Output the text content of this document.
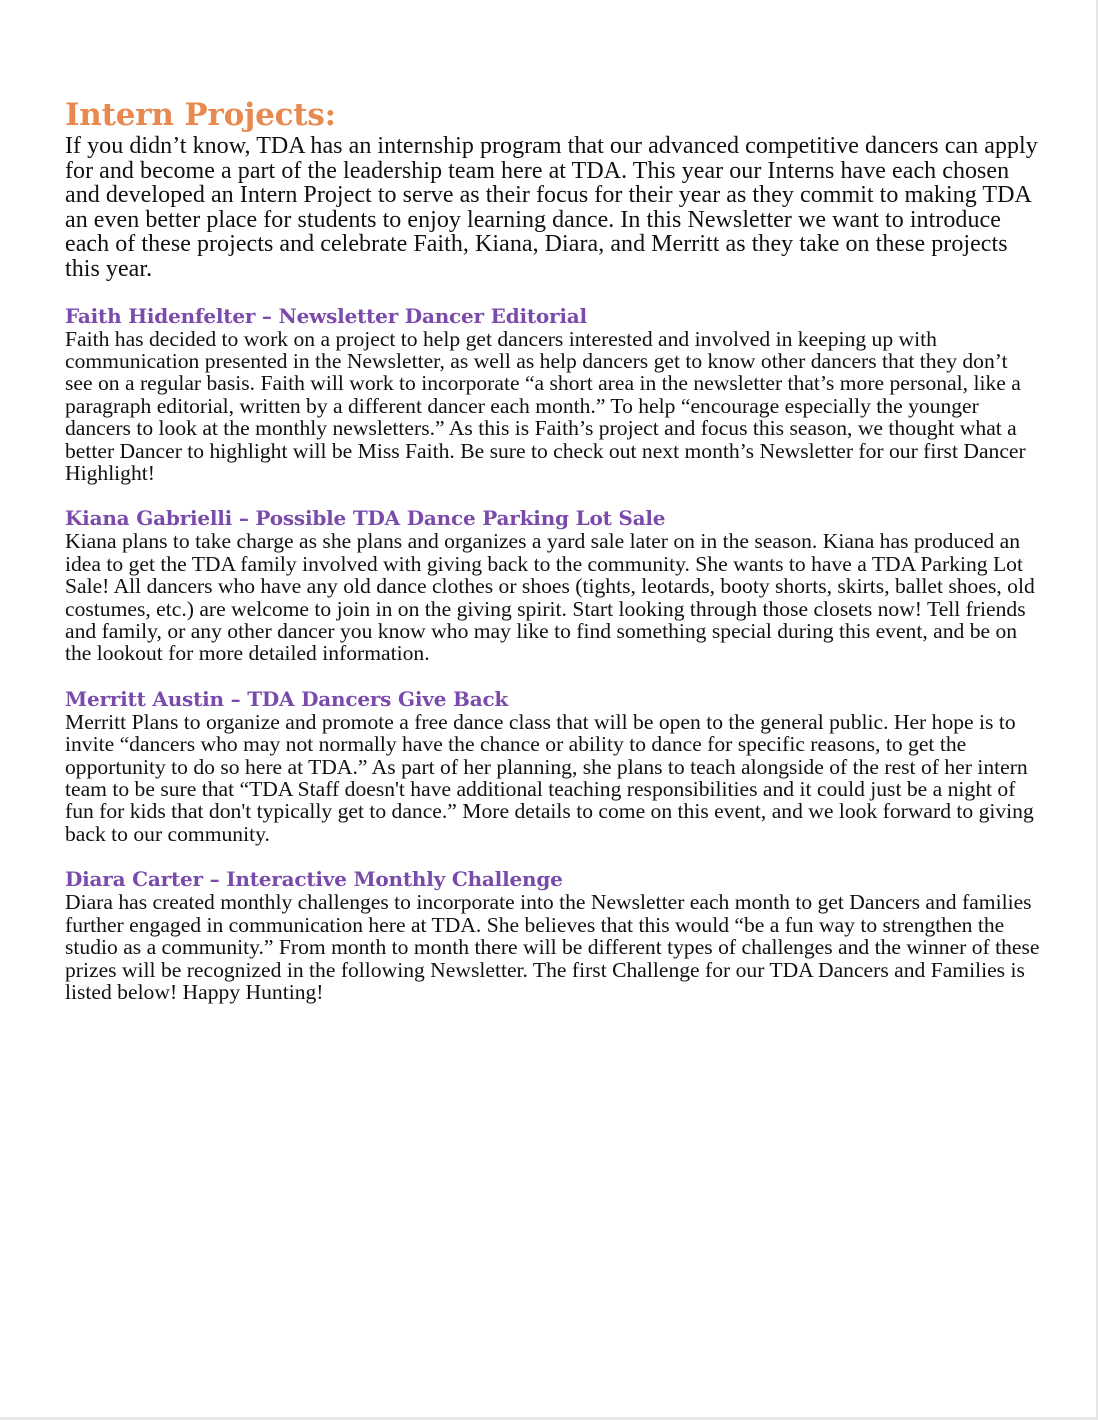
Intern Projects:

If you didn’t know, TDA has an internship program that our advanced competitive dancers can apply for and become a part of the leadership team here at TDA. This year our Interns have each chosen and developed an Intern Project to serve as their focus for their year as they commit to making TDA an even better place for students to enjoy learning dance. In this Newsletter we want to introduce each of these projects and celebrate Faith, Kiana, Diara, and Merritt as they take on these projects this year.

Faith Hidenfelter – Newsletter Dancer Editorial

Faith has decided to work on a project to help get dancers interested and involved in keeping up with communication presented in the Newsletter, as well as help dancers get to know other dancers that they don’t see on a regular basis. Faith will work to incorporate “a short area in the newsletter that’s more personal, like a paragraph editorial, written by a different dancer each month.” To help “encourage especially the younger dancers to look at the monthly newsletters.” As this is Faith’s project and focus this season, we thought what a better Dancer to highlight will be Miss Faith. Be sure to check out next month’s Newsletter for our first Dancer Highlight!

Kiana Gabrielli – Possible TDA Dance Parking Lot Sale

Kiana plans to take charge as she plans and organizes a yard sale later on in the season. Kiana has produced an idea to get the TDA family involved with giving back to the community. She wants to have a TDA Parking Lot Sale! All dancers who have any old dance clothes or shoes (tights, leotards, booty shorts, skirts, ballet shoes, old costumes, etc.) are welcome to join in on the giving spirit. Start looking through those closets now! Tell friends and family, or any other dancer you know who may like to find something special during this event, and be on the lookout for more detailed information.

Merritt Austin – TDA Dancers Give Back

Merritt Plans to organize and promote a free dance class that will be open to the general public. Her hope is to invite “dancers who may not normally have the chance or ability to dance for specific reasons, to get the opportunity to do so here at TDA.” As part of her planning, she plans to teach alongside of the rest of her intern team to be sure that “TDA Staff doesn't have additional teaching responsibilities and it could just be a night of fun for kids that don't typically get to dance.” More details to come on this event, and we look forward to giving back to our community.

Diara Carter – Interactive Monthly Challenge

Diara has created monthly challenges to incorporate into the Newsletter each month to get Dancers and families further engaged in communication here at TDA. She believes that this would “be a fun way to strengthen the studio as a community.” From month to month there will be different types of challenges and the winner of these prizes will be recognized in the following Newsletter. The first Challenge for our TDA Dancers and Families is listed below! Happy Hunting!
